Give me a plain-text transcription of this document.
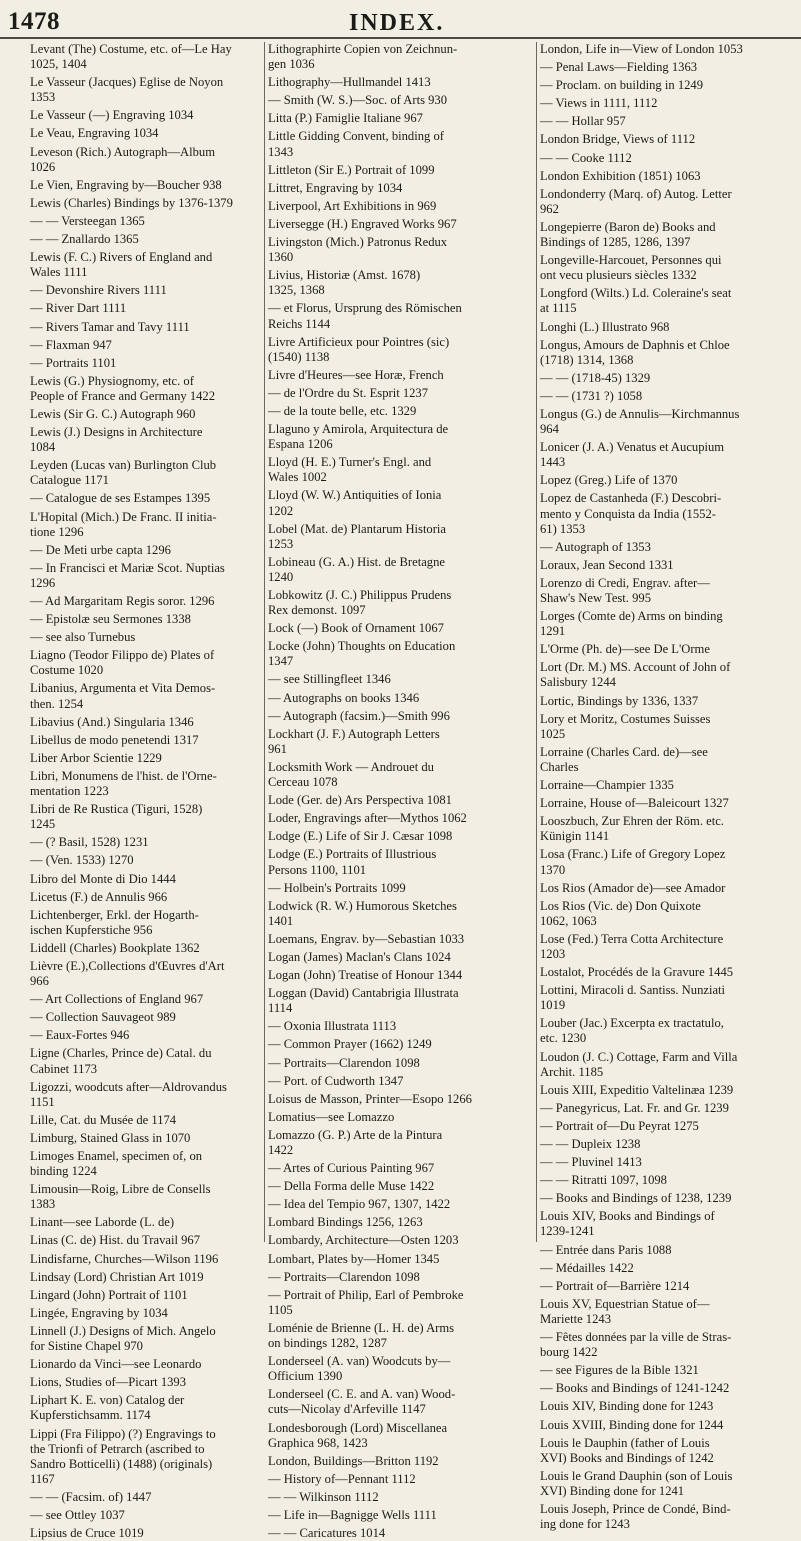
1478	INDEX.
Levant (The) Costume, etc. of—Le Hay
1025, 1404
Le Vasseur (Jacques) Eglise de Noyon
1353
Le Vasseur (—) Engraving 1034
Le Veau, Engraving 1034
Leveson (Rich.) Autograph—Album
1026
Le Vien, Engraving by—Boucher 938
Lewis (Charles) Bindings by 1376-1379
— — Versteegan 1365
— — Znallardo 1365
Lewis (F. C.) Rivers of England and
Wales 1111
— Devonshire Rivers 1111
— River Dart 1111
— Rivers Tamar and Tavy 1111
— Flaxman 947
— Portraits 1101
Lewis (G.) Physiognomy, etc. of
People of France and Germany 1422
Lewis (Sir G. C.) Autograph 960
Lewis (J.) Designs in Architecture
1084
Leyden (Lucas van) Burlington Club
Catalogue 1171
— Catalogue de ses Estampes 1395
L'Hopital (Mich.) De Franc. II initia-
tione 1296
— De Meti urbe capta 1296
— In Francisci et Mariæ Scot. Nuptias
1296
— Ad Margaritam Regis soror. 1296
— Epistolæ seu Sermones 1338
— see also Turnebus
Liagno (Teodor Filippo de) Plates of
Costume 1020
Libanius, Argumenta et Vita Demos-
then. 1254
Libavius (And.) Singularia 1346
Libellus de modo penetendi 1317
Liber Arbor Scientie 1229
Libri, Monumens de l'hist. de l'Orne-
mentation 1223
Libri de Re Rustica (Tiguri, 1528)
1245
— (? Basil, 1528) 1231
— (Ven. 1533) 1270
Libro del Monte di Dio 1444
Licetus (F.) de Annulis 966
Lichtenberger, Erkl. der Hogarth-
ischen Kupferstiche 956
Liddell (Charles) Bookplate 1362
Lièvre (E.),Collections d'Œuvres d'Art
966
— Art Collections of England 967
— Collection Sauvageot 989
— Eaux-Fortes 946
Ligne (Charles, Prince de) Catal. du
Cabinet 1173
Ligozzi, woodcuts after—Aldrovandus
1151
Lille, Cat. du Musée de 1174
Limburg, Stained Glass in 1070
Limoges Enamel, specimen of, on
binding 1224
Limousin—Roig, Libre de Consells
1383
Linant—see Laborde (L. de)
Linas (C. de) Hist. du Travail 967
Lindisfarne, Churches—Wilson 1196
Lindsay (Lord) Christian Art 1019
Lingard (John) Portrait of 1101
Lingée, Engraving by 1034
Linnell (J.) Designs of Mich. Angelo
for Sistine Chapel 970
Lionardo da Vinci—see Leonardo
Lions, Studies of—Picart 1393
Liphart K. E. von) Catalog der
Kupferstichsamm. 1174
Lippi (Fra Filippo) (?) Engravings to
the Trionfi of Petrarch (ascribed to
Sandro Botticelli) (1488) (originals)
1167
— — (Facsim. of) 1447
— see Ottley 1037
Lipsius de Cruce 1019
Lithographirte Copien von Zeichnun-
gen 1036
Lithography—Hullmandel 1413
— Smith (W. S.)—Soc. of Arts 930
Litta (P.) Famiglie Italiane 967
Little Gidding Convent, binding of
1343
Littleton (Sir E.) Portrait of 1099
Littret, Engraving by 1034
Liverpool, Art Exhibitions in 969
Liversegge (H.) Engraved Works 967
Livingston (Mich.) Patronus Redux
1360
Livius, Historiæ (Amst. 1678)
1325, 1368
— et Florus, Ursprung des Römischen
Reichs 1144
Livre Artificieux pour Pointres (sic)
(1540) 1138
Livre d'Heures—see Horæ, French
— de l'Ordre du St. Esprit 1237
— de la toute belle, etc. 1329
Llaguno y Amirola, Arquitectura de
Espana 1206
Lloyd (H. E.) Turner's Engl. and
Wales 1002
Lloyd (W. W.) Antiquities of Ionia
1202
Lobel (Mat. de) Plantarum Historia
1253
Lobineau (G. A.) Hist. de Bretagne
1240
Lobkowitz (J. C.) Philippus Prudens
Rex demonst. 1097
Lock (—) Book of Ornament 1067
Locke (John) Thoughts on Education
1347
— see Stillingfleet 1346
— Autographs on books 1346
— Autograph (facsim.)—Smith 996
Lockhart (J. F.) Autograph Letters
961
Locksmith Work — Androuet du
Cerceau 1078
Lode (Ger. de) Ars Perspectiva 1081
Loder, Engravings after—Mythos 1062
Lodge (E.) Life of Sir J. Cæsar 1098
Lodge (E.) Portraits of Illustrious
Persons 1100, 1101
— Holbein's Portraits 1099
Lodwick (R. W.) Humorous Sketches
1401
Loemans, Engrav. by—Sebastian 1033
Logan (James) Maclan's Clans 1024
Logan (John) Treatise of Honour 1344
Loggan (David) Cantabrigia Illustrata
1114
— Oxonia Illustrata 1113
— Common Prayer (1662) 1249
— Portraits—Clarendon 1098
— Port. of Cudworth 1347
Loisus de Masson, Printer—Esopo 1266
Lomatius—see Lomazzo
Lomazzo (G. P.) Arte de la Pintura
1422
— Artes of Curious Painting 967
— Della Forma delle Muse 1422
— Idea del Tempio 967, 1307, 1422
Lombard Bindings 1256, 1263
Lombardy, Architecture—Osten 1203
Lombart, Plates by—Homer 1345
— Portraits—Clarendon 1098
— Portrait of Philip, Earl of Pembroke
1105
Loménie de Brienne (L. H. de) Arms
on bindings 1282, 1287
Londerseel (A. van) Woodcuts by—
Officium 1390
Londerseel (C. E. and A. van) Wood-
cuts—Nicolay d'Arfeville 1147
Londesborough (Lord) Miscellanea
Graphica 968, 1423
London, Buildings—Britton 1192
— History of—Pennant 1112
— — Wilkinson 1112
— Life in—Bagnigge Wells 1111
— — Caricatures 1014
London, Life in—View of London 1053
— Penal Laws—Fielding 1363
— Proclam. on building in 1249
— Views in 1111, 1112
— — Hollar 957
London Bridge, Views of 1112
— — Cooke 1112
London Exhibition (1851) 1063
Londonderry (Marq. of) Autog. Letter
962
Longepierre (Baron de) Books and
Bindings of 1285, 1286, 1397
Longeville-Harcouet, Personnes qui
ont vecu plusieurs siècles 1332
Longford (Wilts.) Ld. Coleraine's seat
at 1115
Longhi (L.) Illustrato 968
Longus, Amours de Daphnis et Chloe
(1718) 1314, 1368
— — (1718-45) 1329
— — (1731 ?) 1058
Longus (G.) de Annulis—Kirchmannus
964
Lonicer (J. A.) Venatus et Aucupium
1443
Lopez (Greg.) Life of 1370
Lopez de Castanheda (F.) Descobri-
mento y Conquista da India (1552-
61) 1353
— Autograph of 1353
Loraux, Jean Second 1331
Lorenzo di Credi, Engrav. after—
Shaw's New Test. 995
Lorges (Comte de) Arms on binding
1291
L'Orme (Ph. de)—see De L'Orme
Lort (Dr. M.) MS. Account of John of
Salisbury 1244
Lortic, Bindings by 1336, 1337
Lory et Moritz, Costumes Suisses
1025
Lorraine (Charles Card. de)—see
Charles
Lorraine—Champier 1335
Lorraine, House of—Baleicourt 1327
Looszbuch, Zur Ehren der Röm. etc.
Künigin 1141
Losa (Franc.) Life of Gregory Lopez
1370
Los Rios (Amador de)—see Amador
Los Rios (Vic. de) Don Quixote
1062, 1063
Lose (Fed.) Terra Cotta Architecture
1203
Lostalot, Procédés de la Gravure 1445
Lottini, Miracoli d. Santiss. Nunziati
1019
Louber (Jac.) Excerpta ex tractatulo,
etc. 1230
Loudon (J. C.) Cottage, Farm and Villa
Archit. 1185
Louis XIII, Expeditio Valtelinæa 1239
— Panegyricus, Lat. Fr. and Gr. 1239
— Portrait of—Du Peyrat 1275
— — Dupleix 1238
— — Pluvinel 1413
— — Ritratti 1097, 1098
— Books and Bindings of 1238, 1239
Louis XIV, Books and Bindings of
1239-1241
— Entrée dans Paris 1088
— Médailles 1422
— Portrait of—Barrière 1214
Louis XV, Equestrian Statue of—
Mariette 1243
— Fêtes données par la ville de Stras-
bourg 1422
— see Figures de la Bible 1321
— Books and Bindings of 1241-1242
Louis XIV, Binding done for 1243
Louis XVIII, Binding done for 1244
Louis le Dauphin (father of Louis
XVI) Books and Bindings of 1242
Louis le Grand Dauphin (son of Louis
XVI) Binding done for 1241
Louis Joseph, Prince de Condé, Bind-
ing done for 1243
